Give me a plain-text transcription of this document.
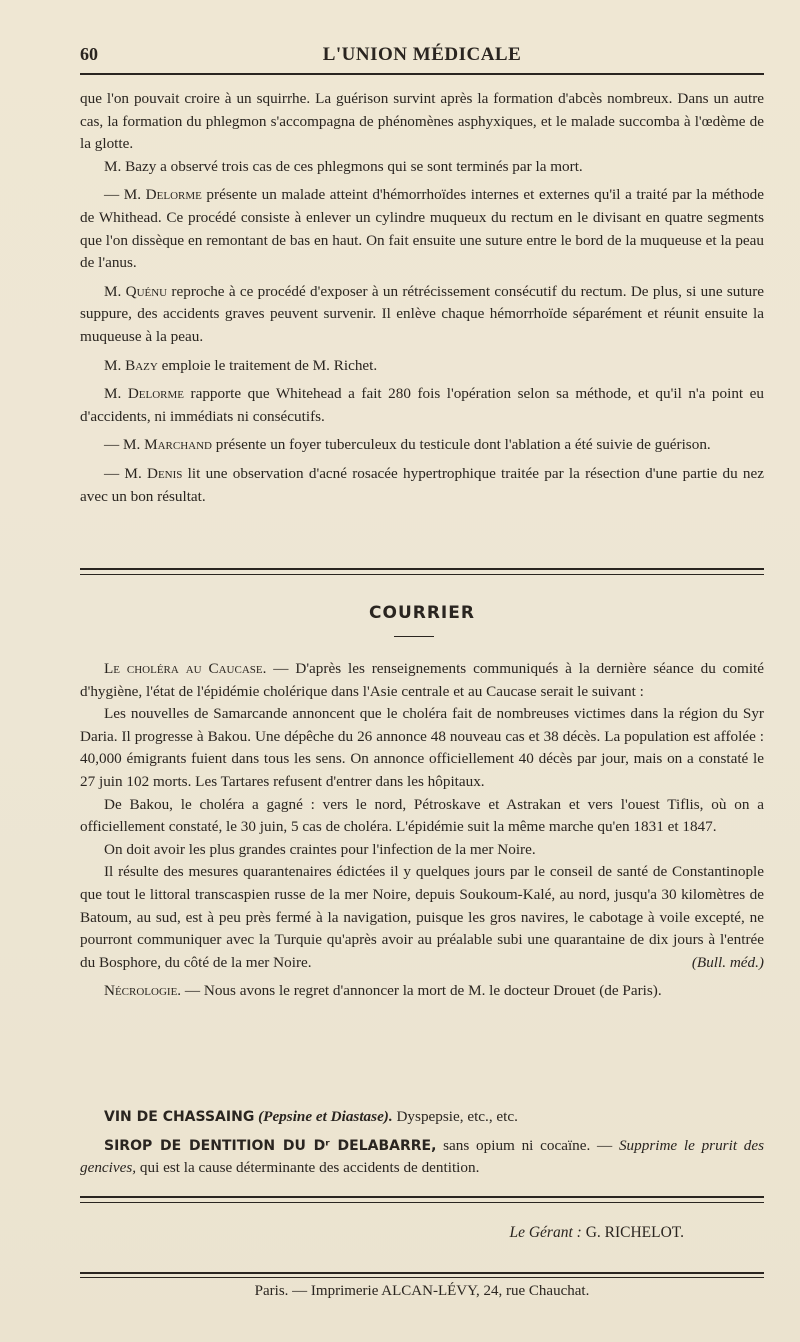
60	L'UNION MÉDICALE

que l'on pouvait croire à un squirrhe. La guérison survint après la formation d'abcès nombreux. Dans un autre cas, la formation du phlegmon s'accompagna de phénomènes asphyxiques, et le malade succomba à l'œdème de la glotte.

M. Bazy a observé trois cas de ces phlegmons qui se sont terminés par la mort.

— M. Delorme présente un malade atteint d'hémorrhoïdes internes et externes qu'il a traité par la méthode de Whithead. Ce procédé consiste à enlever un cylindre muqueux du rectum en le divisant en quatre segments que l'on dissèque en remontant de bas en haut. On fait ensuite une suture entre le bord de la muqueuse et la peau de l'anus.

M. Quénu reproche à ce procédé d'exposer à un rétrécissement consécutif du rectum. De plus, si une suture suppure, des accidents graves peuvent survenir. Il enlève chaque hémorrhoïde séparément et réunit ensuite la muqueuse à la peau.

M. Bazy emploie le traitement de M. Richet.

M. Delorme rapporte que Whitehead a fait 280 fois l'opération selon sa méthode, et qu'il n'a point eu d'accidents, ni immédiats ni consécutifs.

— M. Marchand présente un foyer tuberculeux du testicule dont l'ablation a été suivie de guérison.

— M. Denis lit une observation d'acné rosacée hypertrophique traitée par la résection d'une partie du nez avec un bon résultat.

COURRIER

Le choléra au Caucase. — D'après les renseignements communiqués à la dernière séance du comité d'hygiène, l'état de l'épidémie cholérique dans l'Asie centrale et au Caucase serait le suivant :

Les nouvelles de Samarcande annoncent que le choléra fait de nombreuses victimes dans la région du Syr Daria. Il progresse à Bakou. Une dépêche du 26 annonce 48 nouveau cas et 38 décès. La population est affolée : 40,000 émigrants fuient dans tous les sens. On annonce officiellement 40 décès par jour, mais on a constaté le 27 juin 102 morts. Les Tartares refusent d'entrer dans les hôpitaux.

De Bakou, le choléra a gagné : vers le nord, Pétroskave et Astrakan et vers l'ouest Tiflis, où on a officiellement constaté, le 30 juin, 5 cas de choléra. L'épidémie suit la même marche qu'en 1831 et 1847.

On doit avoir les plus grandes craintes pour l'infection de la mer Noire.

Il résulte des mesures quarantenaires édictées il y quelques jours par le conseil de santé de Constantinople que tout le littoral transcaspien russe de la mer Noire, depuis Soukoum-Kalé, au nord, jusqu'a 30 kilomètres de Batoum, au sud, est à peu près fermé à la navigation, puisque les gros navires, le cabotage à voile excepté, ne pourront communiquer avec la Turquie qu'après avoir au préalable subi une quarantaine de dix jours à l'entrée du Bosphore, du côté de la mer Noire.	(Bull. méd.)

Nécrologie. — Nous avons le regret d'annoncer la mort de M. le docteur Drouet (de Paris).

VIN DE CHASSAING (Pepsine et Diastase). Dyspepsie, etc., etc.

SIROP DE DENTITION DU Dʳ DELABARRE, sans opium ni cocaïne. — Supprime le prurit des gencives, qui est la cause déterminante des accidents de dentition.

Le Gérant : G. RICHELOT.
Paris. — Imprimerie ALCAN-LÉVY, 24, rue Chauchat.
